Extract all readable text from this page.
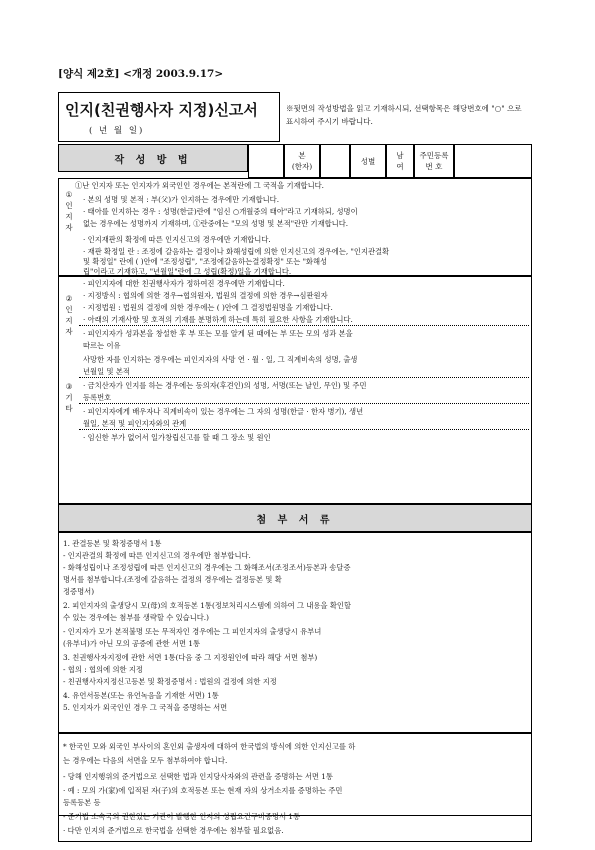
[양식 제2호] <개정 2003.9.17>
인지(친권행사자 지정)신고서
( 년 월 일)
※뒷면의 작성방법을 읽고 기재하시되, 선택항목은 해당번호에 "○" 으로 표시하여 주시기 바랍니다.
작 성 방 법	본
(한자)
성별
남
여
주민등록
번 호
①
인
지
자
①난 인지자 또는 인지자가 외국인인 경우에는 본적란에 그 국적을 기재합니다.
· 본의 성명 및 본적 : 부(父)가 인지하는 경우에만 기재합니다.
· 태아를 인지하는 경우 : 성명(한글)란에 "임신 ○개월중의 태아"라고 기재하되, 성명이
없는 경우에는 성명까지 기재하며, ①란중에는 "모의 성명 및 본적"란만 기재합니다.
· 인지재판의 확정에 따른 인지신고의 경우에만 기재합니다.
· 재판 확정일 란 : 조정에 갈음하는 결정이나 화해성립에 의한 인지신고의 경우에는, "인지관결확
및 확정일" 란에 ( )안에 "조정성립", "조정에갈음하는결정확정" 또는 "화해성
립"이라고 기재하고, "년월일"란에 그 성립(확정)일을 기재합니다.
②
인
지
자
③
기
타
· 피인지자에 대한 친권행사자가 정하여진 경우에만 기재합니다.
· 지정방식 : 협의에 의한 경우→협의원자, 법원의 결정에 의한 경우→심판원자
· 지정법원 : 법원의 결정에 의한 경우에는 ( )안에 그 결정법원명을 기재합니다.
· 아래의 기재사항 및 호적의 기재를 분명하게 하는데 특히 필요한 사항을 기재합니다.
· 피인지자가 성과본을 창설한 후 부 또는 모를 알게 된 때에는 부 또는 모의 성과 본을
따르는 이유
사망한 자를 인지하는 경우에는 피인지자의 사망 연 · 월 · 일, 그 직계비속의 성명, 출생
년월일 및 본적
· 금치산자가 인지를 하는 경우에는 동의자(후견인)의 성명, 서명(또는 날인, 무인) 및 주민
등록번호
· 피인지자에게 배우자나 직계비속이 있는 경우에는 그 자의 성명(한글 · 한자 병기), 생년
월일, 본적 및 피인지자와의 관계
· 임신한 부가 없어서 일가창립신고를 할 때 그 장소 및 원인
첨 부 서 류
1. 관결등본 및 확정증명서 1통
- 인지관결의 확정에 따른 인지신고의 경우에만 첨부합니다.
- 화해성립이나 조정성립에 따른 인지신고의 경우에는 그 화해조서(조정조서)등본과 송달증
명서를 첨부합니다.(조정에 갈음하는 결정의 경우에는 결정등본 및 확
정증명서)
2. 피인지자의 출생당시 모(母)의 호적등본 1통(정보처리시스템에 의하여 그 내용을 확인할
수 있는 경우에는 첨부를 생략할 수 있습니다.)
- 인지자가 모가 본적불명 또는 무적자인 경우에는 그 피인지자의 출생당시 유부녀
(유부녀)가 아닌 모의 공증에 관한 서면 1통
3. 친권행사자지정에 관한 서면 1통(다음 중 그 지정원인에 따라 해당 서면 첨부)
- 협의 : 협의에 의한 지정
- 친권행사자지정신고등본 및 확정증명서 : 법원의 결정에 의한 지정
4. 유언서등본(또는 유언녹음을 기재한 서면) 1통
5. 인지자가 외국인인 경우 그 국적을 증명하는 서면
* 한국인 모와 외국인 부사이의 혼인외 출생자에 대하여 한국법의 방식에 의한 인지신고를 하
는 경우에는 다음의 서면을 모두 첨부하여야 합니다.
- 당해 인지행위의 준거법으로 선택한 법과 인지당사자와의 관련을 증명하는 서면 1통
· 예 : 모의 가(家)에 입적된 자(子)의 호적등본 또는 현재 자의 상거소지를 증명하는 주민
등록등본 등
- 준거법 소속국의 권한있는 기관이 발행한 인지의 성립요건구비증명서 1통
· 다만 인지의 준거법으로 한국법을 선택한 경우에는 첨부할 필요없음.
